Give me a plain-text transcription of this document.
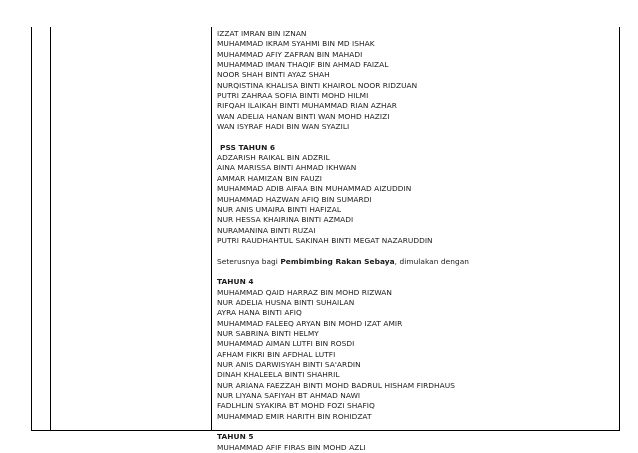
IZZAT IMRAN BIN IZNAN
MUHAMMAD IKRAM SYAHMI BIN MD ISHAK
MUHAMMAD AFIY ZAFRAN BIN MAHADI
MUHAMMAD IMAN THAQIF BIN AHMAD FAIZAL
NOOR SHAH BINTI AYAZ SHAH
NURQISTINA KHALISA BINTI KHAIROL NOOR RIDZUAN
PUTRI ZAHRAA SOFIA BINTI MOHD HILMI
RIFQAH ILAIKAH BINTI MUHAMMAD RIAN AZHAR
WAN ADELIA HANAN BINTI WAN MOHD HAZIZI
WAN ISYRAF HADI BIN WAN SYAZILI
PSS TAHUN 6
ADZARISH RAIKAL BIN ADZRIL
AINA MARISSA BINTI AHMAD IKHWAN
AMMAR HAMIZAN BIN FAUZI
MUHAMMAD ADIB AIFAA BIN MUHAMMAD AIZUDDIN
MUHAMMAD HAZWAN AFIQ BIN SUMARDI
NUR ANIS UMAIRA BINTI HAFIZAL
NUR HESSA KHAIRINA BINTI AZMADI
NURAMANINA BINTI RUZAI
PUTRI RAUDHAHTUL SAKINAH BINTI MEGAT NAZARUDDIN
Seterusnya bagi Pembimbing Rakan Sebaya, dimulakan dengan
TAHUN 4
MUHAMMAD QAID HARRAZ BIN MOHD RIZWAN
NUR ADELIA HUSNA BINTI SUHAILAN
AYRA HANA BINTI AFIQ
MUHAMMAD FALEEQ ARYAN BIN MOHD IZAT AMIR
NUR SABRINA BINTI HELMY
MUHAMMAD AIMAN LUTFI BIN ROSDI
AFHAM FIKRI BIN AFDHAL LUTFI
NUR ANIS DARWISYAH BINTI SA'ARDIN
DINAH KHALEELA BINTI SHAHRIL
NUR ARIANA FAEZZAH BINTI MOHD BADRUL HISHAM FIRDHAUS
NUR LIYANA SAFIYAH BT AHMAD NAWI
FADLHLIN SYAKIRA BT MOHD FOZI SHAFIQ
MUHAMMAD EMIR HARITH BIN ROHIDZAT
TAHUN 5
MUHAMMAD AFIF FIRAS BIN MOHD AZLI
